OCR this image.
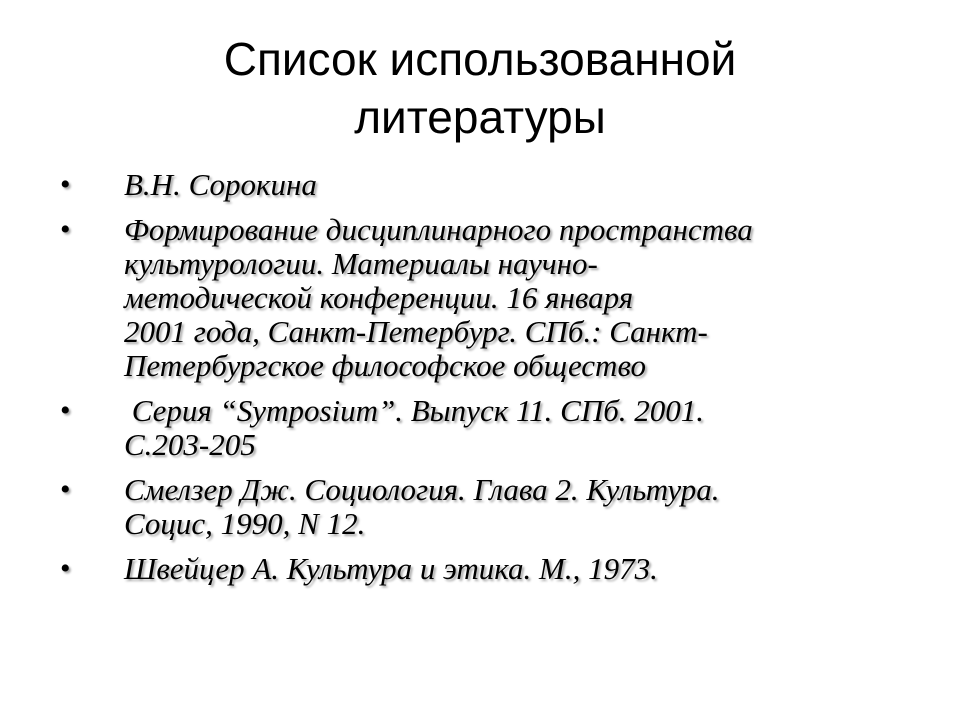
Список использованной
литературы
•	В.Н. Сорокина
•	Формирование дисциплинарного пространства
культурологии. Материалы научно-
методической конференции. 16 января
2001 года, Санкт-Петербург. СПб.: Санкт-
Петербургское философское общество
•	Серия “Symposium”. Выпуск 11. СПб. 2001.
С.203-205
•	Смелзер Дж. Социология. Глава 2. Культура.
Социс, 1990, N 12.
•	Швейцер А. Культура и этика. М., 1973.
